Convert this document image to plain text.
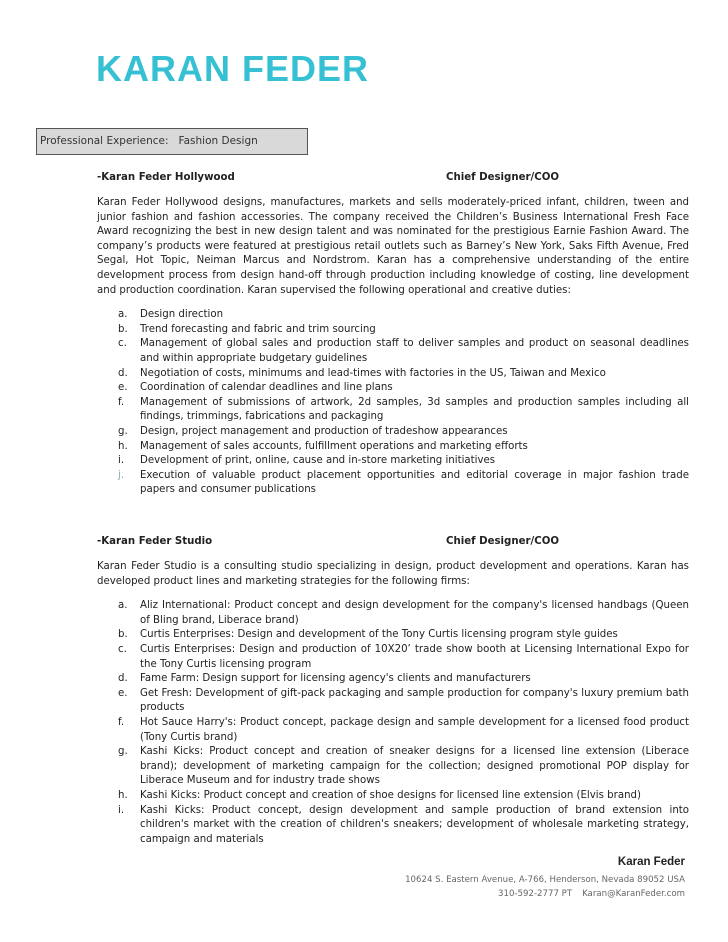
KARAN FEDER
Professional Experience: Fashion Design
-Karan Feder Hollywood	Chief Designer/COO

Karan Feder Hollywood designs, manufactures, markets and sells moderately-priced infant, children, tween and junior fashion and fashion accessories. The company received the Children’s Business International Fresh Face Award recognizing the best in new design talent and was nominated for the prestigious Earnie Fashion Award. The company’s products were featured at prestigious retail outlets such as Barney’s New York, Saks Fifth Avenue, Fred Segal, Hot Topic, Neiman Marcus and Nordstrom. Karan has a comprehensive understanding of the entire development process from design hand-off through production including knowledge of costing, line development and production coordination. Karan supervised the following operational and creative duties:

a. Design direction
b. Trend forecasting and fabric and trim sourcing
c. Management of global sales and production staff to deliver samples and product on seasonal deadlines and within appropriate budgetary guidelines
d. Negotiation of costs, minimums and lead-times with factories in the US, Taiwan and Mexico
e. Coordination of calendar deadlines and line plans
f. Management of submissions of artwork, 2d samples, 3d samples and production samples including all findings, trimmings, fabrications and packaging
g. Design, project management and production of tradeshow appearances
h. Management of sales accounts, fulfillment operations and marketing efforts
i. Development of print, online, cause and in-store marketing initiatives
j. Execution of valuable product placement opportunities and editorial coverage in major fashion trade papers and consumer publications
-Karan Feder Studio	Chief Designer/COO

Karan Feder Studio is a consulting studio specializing in design, product development and operations. Karan has developed product lines and marketing strategies for the following firms:

a. Aliz International: Product concept and design development for the company's licensed handbags (Queen of Bling brand, Liberace brand)
b. Curtis Enterprises: Design and development of the Tony Curtis licensing program style guides
c. Curtis Enterprises: Design and production of 10X20’ trade show booth at Licensing International Expo for the Tony Curtis licensing program
d. Fame Farm: Design support for licensing agency's clients and manufacturers
e. Get Fresh: Development of gift-pack packaging and sample production for company's luxury premium bath products
f. Hot Sauce Harry's: Product concept, package design and sample development for a licensed food product (Tony Curtis brand)
g. Kashi Kicks: Product concept and creation of sneaker designs for a licensed line extension (Liberace brand); development of marketing campaign for the collection; designed promotional POP display for Liberace Museum and for industry trade shows
h. Kashi Kicks: Product concept and creation of shoe designs for licensed line extension (Elvis brand)
i. Kashi Kicks: Product concept, design development and sample production of brand extension into children's market with the creation of children's sneakers; development of wholesale marketing strategy, campaign and materials
Karan Feder
10624 S. Eastern Avenue, A-766, Henderson, Nevada 89052 USA
310-592-2777 PT Karan@KaranFeder.com
